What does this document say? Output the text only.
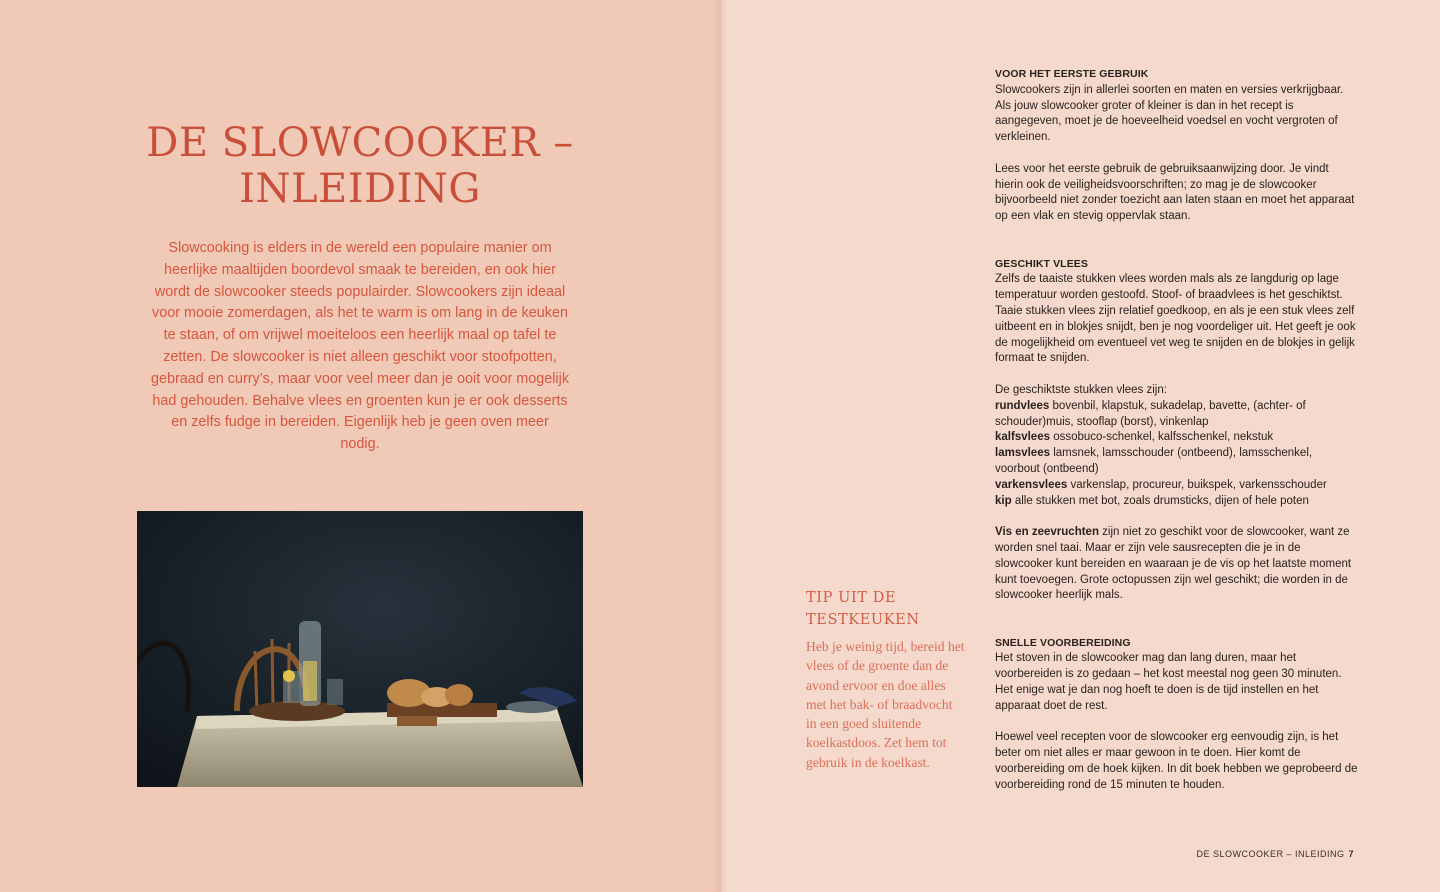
DE SLOWCOOKER –
INLEIDING

Slowcooking is elders in de wereld een populaire manier om heerlijke maaltijden boordevol smaak te bereiden, en ook hier wordt de slowcooker steeds populairder. Slowcookers zijn ideaal voor mooie zomerdagen, als het te warm is om lang in de keuken te staan, of om vrijwel moeiteloos een heerlijk maal op tafel te zetten. De slowcooker is niet alleen geschikt voor stoofpotten, gebraad en curry’s, maar voor veel meer dan je ooit voor mogelijk had gehouden. Behalve vlees en groenten kun je er ook desserts en zelfs fudge in bereiden. Eigenlijk heb je geen oven meer nodig.

TIP UIT DE
TESTKEUKEN

Heb je weinig tijd, bereid het vlees of de groente dan de avond ervoor en doe alles met het bak- of braadvocht in een goed sluitende koelkastdoos. Zet hem tot gebruik in de koelkast.

VOOR HET EERSTE GEBRUIK

Slowcookers zijn in allerlei soorten en maten en versies verkrijgbaar. Als jouw slowcooker groter of kleiner is dan in het recept is aangegeven, moet je de hoeveelheid voedsel en vocht vergroten of verkleinen.

Lees voor het eerste gebruik de gebruiksaanwijzing door. Je vindt hierin ook de veiligheidsvoorschriften; zo mag je de slowcooker bijvoorbeeld niet zonder toezicht aan laten staan en moet het apparaat op een vlak en stevig oppervlak staan.

GESCHIKT VLEES

Zelfs de taaiste stukken vlees worden mals als ze langdurig op lage temperatuur worden gestoofd. Stoof- of braadvlees is het geschiktst. Taaie stukken vlees zijn relatief goedkoop, en als je een stuk vlees zelf uitbeent en in blokjes snijdt, ben je nog voordeliger uit. Het geeft je ook de mogelijkheid om eventueel vet weg te snijden en de blokjes in gelijk formaat te snijden.

De geschiktste stukken vlees zijn:

rundvlees bovenbil, klapstuk, sukadelap, bavette, (achter- of schouder)muis, stooflap (borst), vinkenlap

kalfsvlees ossobuco-schenkel, kalfsschenkel, nekstuk

lamsvlees lamsnek, lamsschouder (ontbeend), lamsschenkel, voorbout (ontbeend)

varkensvlees varkenslap, procureur, buikspek, varkensschouder

kip alle stukken met bot, zoals drumsticks, dijen of hele poten

Vis en zeevruchten zijn niet zo geschikt voor de slowcooker, want ze worden snel taai. Maar er zijn vele sausrecepten die je in de slowcooker kunt bereiden en waaraan je de vis op het laatste moment kunt toevoegen. Grote octopussen zijn wel geschikt; die worden in de slowcooker heerlijk mals.

SNELLE VOORBEREIDING

Het stoven in de slowcooker mag dan lang duren, maar het voorbereiden is zo gedaan – het kost meestal nog geen 30 minuten. Het enige wat je dan nog hoeft te doen is de tijd instellen en het apparaat doet de rest.

Hoewel veel recepten voor de slowcooker erg eenvoudig zijn, is het beter om niet alles er maar gewoon in te doen. Hier komt de voorbereiding om de hoek kijken. In dit boek hebben we geprobeerd de voorbereiding rond de 15 minuten te houden.

DE SLOWCOOKER – INLEIDING 7
